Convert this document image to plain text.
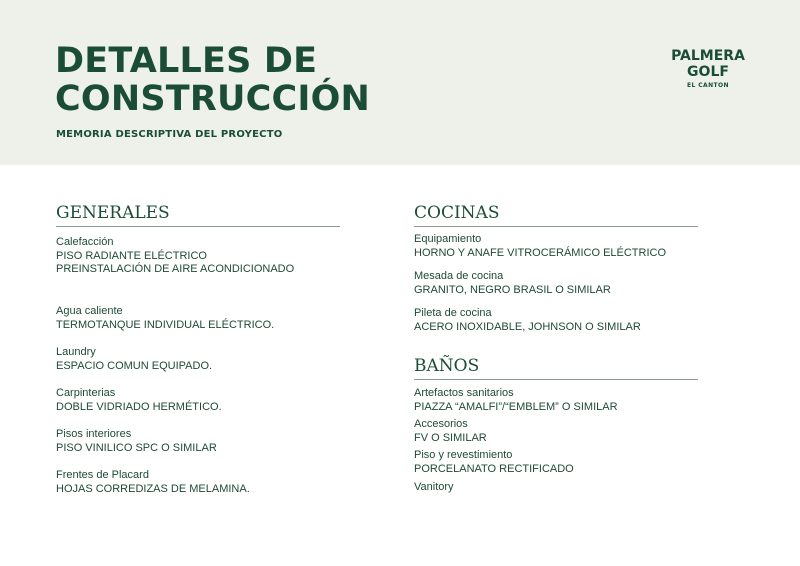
DETALLES DE
CONSTRUCCIÓN
MEMORIA DESCRIPTIVA DEL PROYECTO
PALMERA
GOLF
EL CANTON
GENERALES
Calefacción
PISO RADIANTE ELÉCTRICO
PREINSTALACIÓN DE AIRE ACONDICIONADO
Agua caliente
TERMOTANQUE INDIVIDUAL ELÉCTRICO.
Laundry
ESPACIO COMUN EQUIPADO.
Carpinterias
DOBLE VIDRIADO HERMÉTICO.
Pisos interiores
PISO VINILICO SPC O SIMILAR
Frentes de Placard
HOJAS CORREDIZAS DE MELAMINA.
COCINAS
Equipamiento
HORNO Y ANAFE VITROCERÁMICO ELÉCTRICO
Mesada de cocina
GRANITO, NEGRO BRASIL O SIMILAR
Pileta de cocina
ACERO INOXIDABLE, JOHNSON O SIMILAR
BAÑOS
Artefactos sanitarios
PIAZZA “AMALFI”/“EMBLEM” O SIMILAR
Accesorios
FV O SIMILAR
Piso y revestimiento
PORCELANATO RECTIFICADO
Vanitory
